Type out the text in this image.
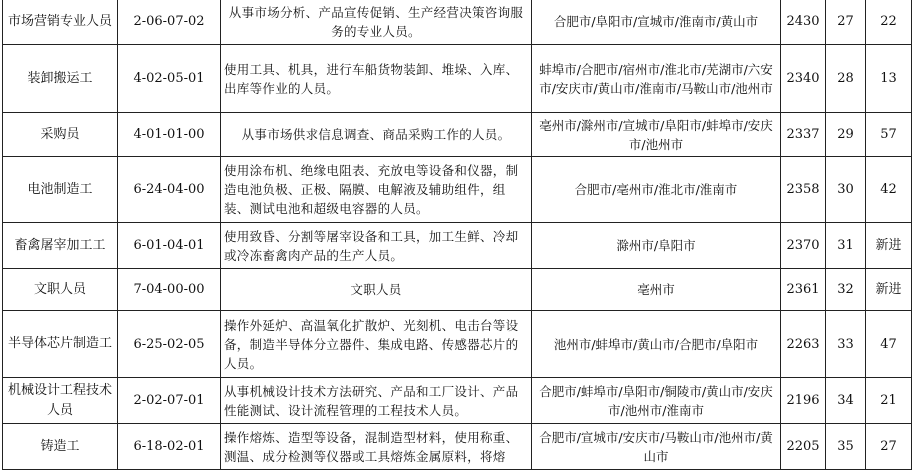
市场营销专业人员	2-06-07-02	从事市场分析、产品宣传促销、生产经营决策咨询服务的专业人员。	合肥市/阜阳市/宣城市/淮南市/黄山市	2430	27	22
装卸搬运工	4-02-05-01	使用工具、机具，进行车船货物装卸、堆垛、入库、出库等作业的人员。	蚌埠市/合肥市/宿州市/淮北市/芜湖市/六安市/安庆市/黄山市/淮南市/马鞍山市/池州市	2340	28	13
采购员	4-01-01-00	从事市场供求信息调查、商品采购工作的人员。	亳州市/滁州市/宣城市/阜阳市/蚌埠市/安庆市/池州市	2337	29	57
电池制造工	6-24-04-00	使用涂布机、绝缘电阻表、充放电等设备和仪器，制造电池负极、正极、隔膜、电解液及辅助组件，组装、测试电池和超级电容器的人员。	合肥市/亳州市/淮北市/淮南市	2358	30	42
畜禽屠宰加工工	6-01-04-01	使用致昏、分割等屠宰设备和工具，加工生鲜、冷却或冷冻畜禽肉产品的生产人员。	滁州市/阜阳市	2370	31	新进
文职人员	7-04-00-00	文职人员	亳州市	2361	32	新进
半导体芯片制造工	6-25-02-05	操作外延炉、高温氧化扩散炉、光刻机、电击台等设备，制造半导体分立器件、集成电路、传感器芯片的人员。	池州市/蚌埠市/黄山市/合肥市/阜阳市	2263	33	47
机械设计工程技术人员	2-02-07-01	从事机械设计技术方法研究、产品和工厂设计、产品性能测试、设计流程管理的工程技术人员。	合肥市/蚌埠市/阜阳市/铜陵市/黄山市/安庆市/池州市/淮南市	2196	34	21
铸造工	6-18-02-01	操作熔炼、造型等设备，混制造型材料，使用称重、测温、成分检测等仪器或工具熔炼金属原料，将熔	合肥市/宣城市/安庆市/马鞍山市/池州市/黄山市	2205	35	27
